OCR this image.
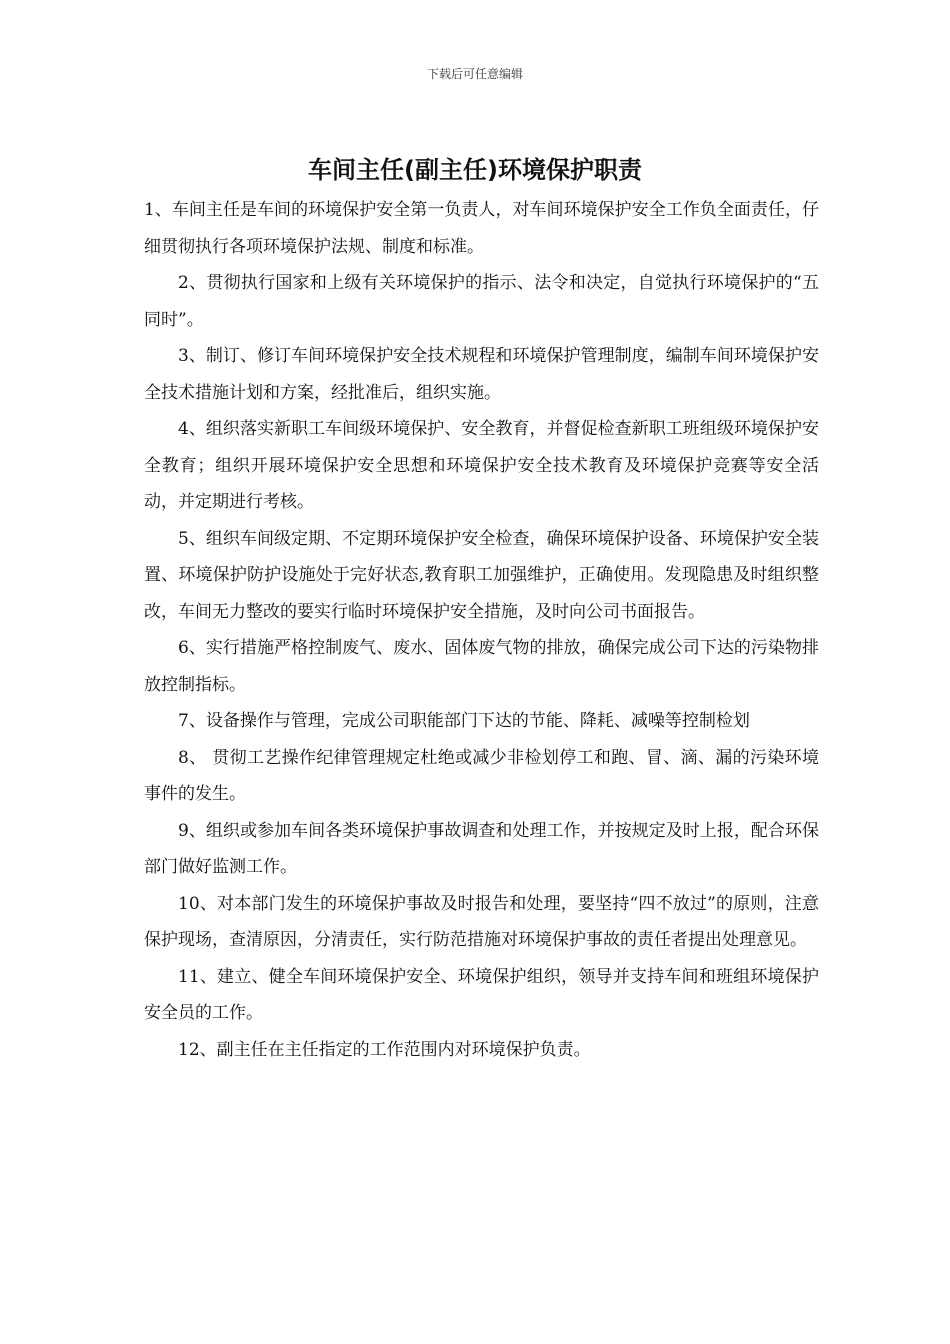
下载后可任意编辑
车间主任(副主任)环境保护职责

1、车间主任是车间的环境保护安全第一负责人，对车间环境保护安全工作负全面责任，仔细贯彻执行各项环境保护法规、制度和标准。

2、贯彻执行国家和上级有关环境保护的指示、法令和决定，自觉执行环境保护的“五同时”。

3、制订、修订车间环境保护安全技术规程和环境保护管理制度，编制车间环境保护安全技术措施计划和方案，经批准后，组织实施。

4、组织落实新职工车间级环境保护、安全教育，并督促检查新职工班组级环境保护安全教育；组织开展环境保护安全思想和环境保护安全技术教育及环境保护竞赛等安全活动，并定期进行考核。

5、组织车间级定期、不定期环境保护安全检查，确保环境保护设备、环境保护安全装置、环境保护防护设施处于完好状态,教育职工加强维护，正确使用。发现隐患及时组织整改，车间无力整改的要实行临时环境保护安全措施，及时向公司书面报告。

6、实行措施严格控制废气、废水、固体废气物的排放，确保完成公司下达的污染物排放控制指标。

7、设备操作与管理，完成公司职能部门下达的节能、降耗、减噪等控制检划

8、 贯彻工艺操作纪律管理规定杜绝或减少非检划停工和跑、冒、滴、漏的污染环境事件的发生。

9、组织或参加车间各类环境保护事故调查和处理工作，并按规定及时上报，配合环保部门做好监测工作。

10、对本部门发生的环境保护事故及时报告和处理，要坚持“四不放过”的原则，注意保护现场，查清原因，分清责任，实行防范措施对环境保护事故的责任者提出处理意见。

11、建立、健全车间环境保护安全、环境保护组织，领导并支持车间和班组环境保护安全员的工作。

12、副主任在主任指定的工作范围内对环境保护负责。
